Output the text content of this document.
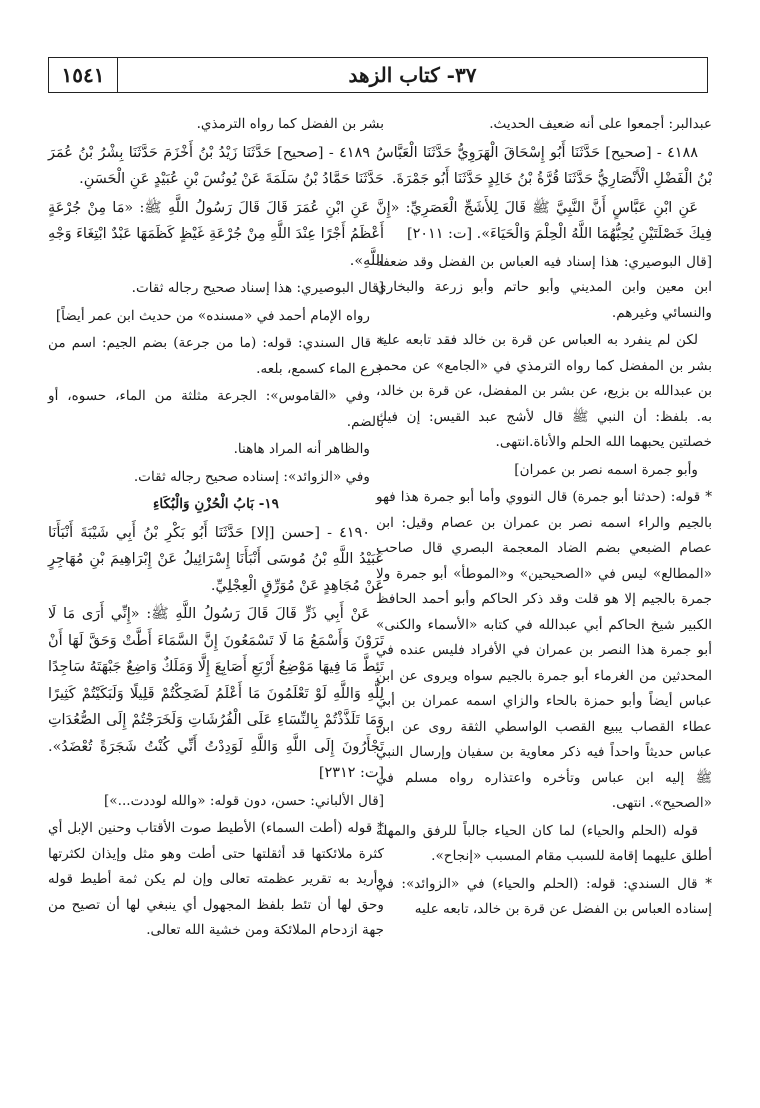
١٥٤١	٣٧- كتاب الزهد

عبدالبر: أجمعوا على أنه ضعيف الحديث.

٤١٨٨ - [صحيح] حَدَّثَنَا أَبُو إِسْحَاقَ الْهَرَوِيُّ حَدَّثَنَا الْعَبَّاسُ بْنُ الْفَضْلِ الْأَنْصَارِيُّ حَدَّثَنَا قُرَّةُ بْنُ خَالِدٍ حَدَّثَنَا أَبُو جَمْرَةَ.

عَنِ ابْنِ عَبَّاسٍ أَنَّ النَّبِيَّ ﷺ قَالَ لِلأَشَجِّ الْعَصَرِيِّ: «إِنَّ فِيكَ خَصْلَتَيْنِ يُحِبُّهُمَا اللَّهُ الْحِلْمَ وَالْحَيَاءَ». [ت: ٢٠١١]

[قال البوصيري: هذا إسناد فيه العباس بن الفضل وقد ضعفه ابن معين وابن المديني وأبو حاتم وأبو زرعة والبخاري والنسائي وغيرهم.

لكن لم ينفرد به العباس عن قرة بن خالد فقد تابعه عليه بشر بن المفضل كما رواه الترمذي في «الجامع» عن محمد بن عبدالله بن بزيع، عن بشر بن المفضل، عن قرة بن خالد، به. بلفظ: أن النبي ﷺ قال لأشج عبد القيس: إن فيك خصلتين يحبهما الله الحلم والأناة.انتهى.

وأبو جمرة اسمه نصر بن عمران]

* قوله: (حدثنا أبو جمرة) قال النووي وأما أبو جمرة هذا فهو بالجيم والراء اسمه نصر بن عمران بن عصام وقيل: ابن عصام الضبعي بضم الضاد المعجمة البصري قال صاحب «المطالع» ليس في «الصحيحين» و«الموطأ» أبو جمرة ولا جمرة بالجيم إلا هو قلت وقد ذكر الحاكم وأبو أحمد الحافظ الكبير شيخ الحاكم أبي عبدالله في كتابه «الأسماء والكنى» أبو جمرة هذا النصر بن عمران في الأفراد فليس عنده في المحدثين من الغرماء أبو جمرة بالجيم سواه ويروى عن ابن عباس أيضاً وأبو حمزة بالحاء والزاي اسمه عمران بن أبي عطاء القصاب يبيع القصب الواسطي الثقة روى عن ابن عباس حديثاً واحداً فيه ذكر معاوية بن سفيان وإرسال النبي ﷺ إليه ابن عباس وتأخره واعتذاره رواه مسلم في «الصحيح». انتهى.

قوله (الحلم والحياء) لما كان الحياء جالباً للرفق والمهلة أطلق عليهما إقامة للسبب مقام المسبب «إنجاح».

* قال السندي: قوله: (الحلم والحياء) في «الزوائد»: في إسناده العباس بن الفضل عن قرة بن خالد، تابعه عليه

بشر بن الفضل كما رواه الترمذي.

٤١٨٩ - [صحيح] حَدَّثَنَا زَيْدُ بْنُ أَخْزَمَ حَدَّثَنَا بِشْرُ بْنُ عُمَرَ حَدَّثَنَا حَمَّادُ بْنُ سَلَمَةَ عَنْ يُونُسَ بْنِ عُبَيْدٍ عَنِ الْحَسَنِ.

عَنِ ابْنِ عُمَرَ قَالَ قَالَ رَسُولُ اللَّهِ ﷺ: «مَا مِنْ جُرْعَةٍ أَعْظَمُ أَجْرًا عِنْدَ اللَّهِ مِنْ جُرْعَةِ غَيْظٍ كَظَمَهَا عَبْدٌ ابْتِغَاءَ وَجْهِ اللَّهِ».

[قال البوصيري: هذا إسناد صحيح رجاله ثقات.

رواه الإمام أحمد في «مسنده» من حديث ابن عمر أيضاً]

* قال السندي: قوله: (ما من جرعة) بضم الجيم: اسم من جرع الماء كسمع، بلعه.

وفي «القاموس»: الجرعة مثلثة من الماء، حسوه، أو بالضم.

والظاهر أنه المراد هاهنا.

وفي «الزوائد»: إسناده صحيح رجاله ثقات.

١٩- بَابُ الْحُزْنِ وَالْبُكَاءِ

٤١٩٠ - [حسن [إلا] حَدَّثَنَا أَبُو بَكْرِ بْنُ أَبِي شَيْبَةَ أَنْبَأَنَا عُبَيْدُ اللَّهِ بْنُ مُوسَى أَنْبَأَنَا إِسْرَائِيلُ عَنْ إِبْرَاهِيمَ بْنِ مُهَاجِرٍ عَنْ مُجَاهِدٍ عَنْ مُوَرِّقٍ الْعِجْلِيِّ.

عَنْ أَبِي ذَرٍّ قَالَ قَالَ رَسُولُ اللَّهِ ﷺ: «إِنِّي أَرَى مَا لَا تَرَوْنَ وَأَسْمَعُ مَا لَا تَسْمَعُونَ إِنَّ السَّمَاءَ أَطَّتْ وَحَقَّ لَهَا أَنْ تَئِطَّ مَا فِيهَا مَوْضِعُ أَرْبَعِ أَصَابِعَ إِلَّا وَمَلَكٌ وَاضِعٌ جَبْهَتَهُ سَاجِدًا لِلَّهِ وَاللَّهِ لَوْ تَعْلَمُونَ مَا أَعْلَمُ لَضَحِكْتُمْ قَلِيلًا وَلَبَكَيْتُمْ كَثِيرًا وَمَا تَلَذَّذْتُمْ بِالنِّسَاءِ عَلَى الْفُرُشَاتِ وَلَخَرَجْتُمْ إِلَى الصُّعُدَاتِ تَجْأَرُونَ إِلَى اللَّهِ وَاللَّهِ لَوَدِدْتُ أَنِّي كُنْتُ شَجَرَةً تُعْضَدُ». [ت: ٢٣١٢]

[قال الألباني: حسن، دون قوله: «والله لوددت...»]

* قوله (أطت السماء) الأطيط صوت الأقتاب وحنين الإبل أي كثرة ملائكتها قد أثقلتها حتى أطت وهو مثل وإيذان لكثرتها وأريد به تقرير عظمته تعالى وإن لم يكن ثمة أطيط قوله وحق لها أن تئط بلفظ المجهول أي ينبغي لها أن تصيح من جهة ازدحام الملائكة ومن خشية الله تعالى.
